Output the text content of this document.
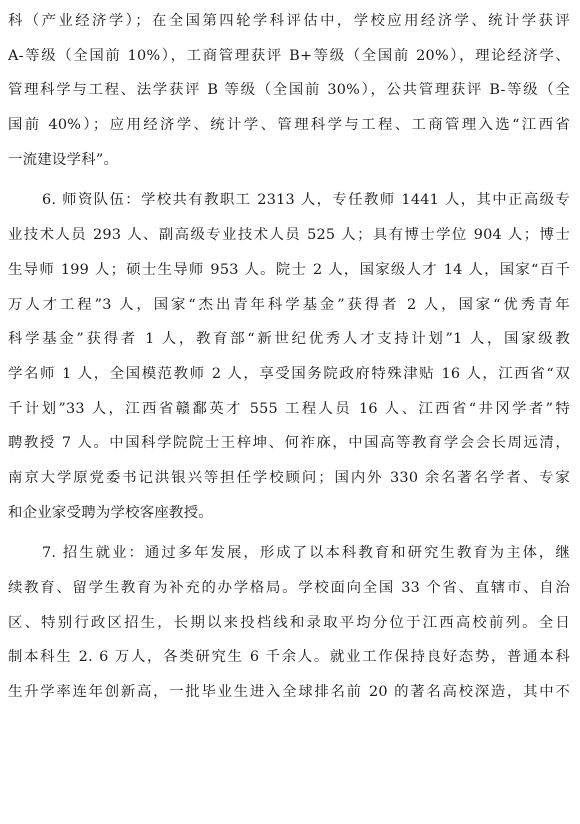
科（产业经济学）；在全国第四轮学科评估中，学校应用经济学、统计学获评
A-等级（全国前 10%），工商管理获评 B+等级（全国前 20%），理论经济学、
管理科学与工程、法学获评 B 等级（全国前 30%），公共管理获评 B-等级（全
国前 40%）；应用经济学、统计学、管理科学与工程、工商管理入选“江西省
一流建设学科”。
6. 师资队伍：学校共有教职工 2313 人，专任教师 1441 人，其中正高级专
业技术人员 293 人、副高级专业技术人员 525 人；具有博士学位 904 人；博士
生导师 199 人；硕士生导师 953 人。院士 2 人，国家级人才 14 人，国家“百千
万人才工程”3 人，国家“杰出青年科学基金”获得者 2 人，国家“优秀青年
科学基金”获得者 1 人，教育部“新世纪优秀人才支持计划”1 人，国家级教
学名师 1 人，全国模范教师 2 人，享受国务院政府特殊津贴 16 人，江西省“双
千计划”33 人，江西省赣鄱英才 555 工程人员 16 人、江西省“井冈学者”特
聘教授 7 人。中国科学院院士王梓坤、何祚庥，中国高等教育学会会长周远清，
南京大学原党委书记洪银兴等担任学校顾问；国内外 330 余名著名学者、专家
和企业家受聘为学校客座教授。
7. 招生就业：通过多年发展，形成了以本科教育和研究生教育为主体，继
续教育、留学生教育为补充的办学格局。学校面向全国 33 个省、直辖市、自治
区、特别行政区招生，长期以来投档线和录取平均分位于江西高校前列。全日
制本科生 2. 6 万人，各类研究生 6 千余人。就业工作保持良好态势，普通本科
生升学率连年创新高，一批毕业生进入全球排名前 20 的著名高校深造，其中不
